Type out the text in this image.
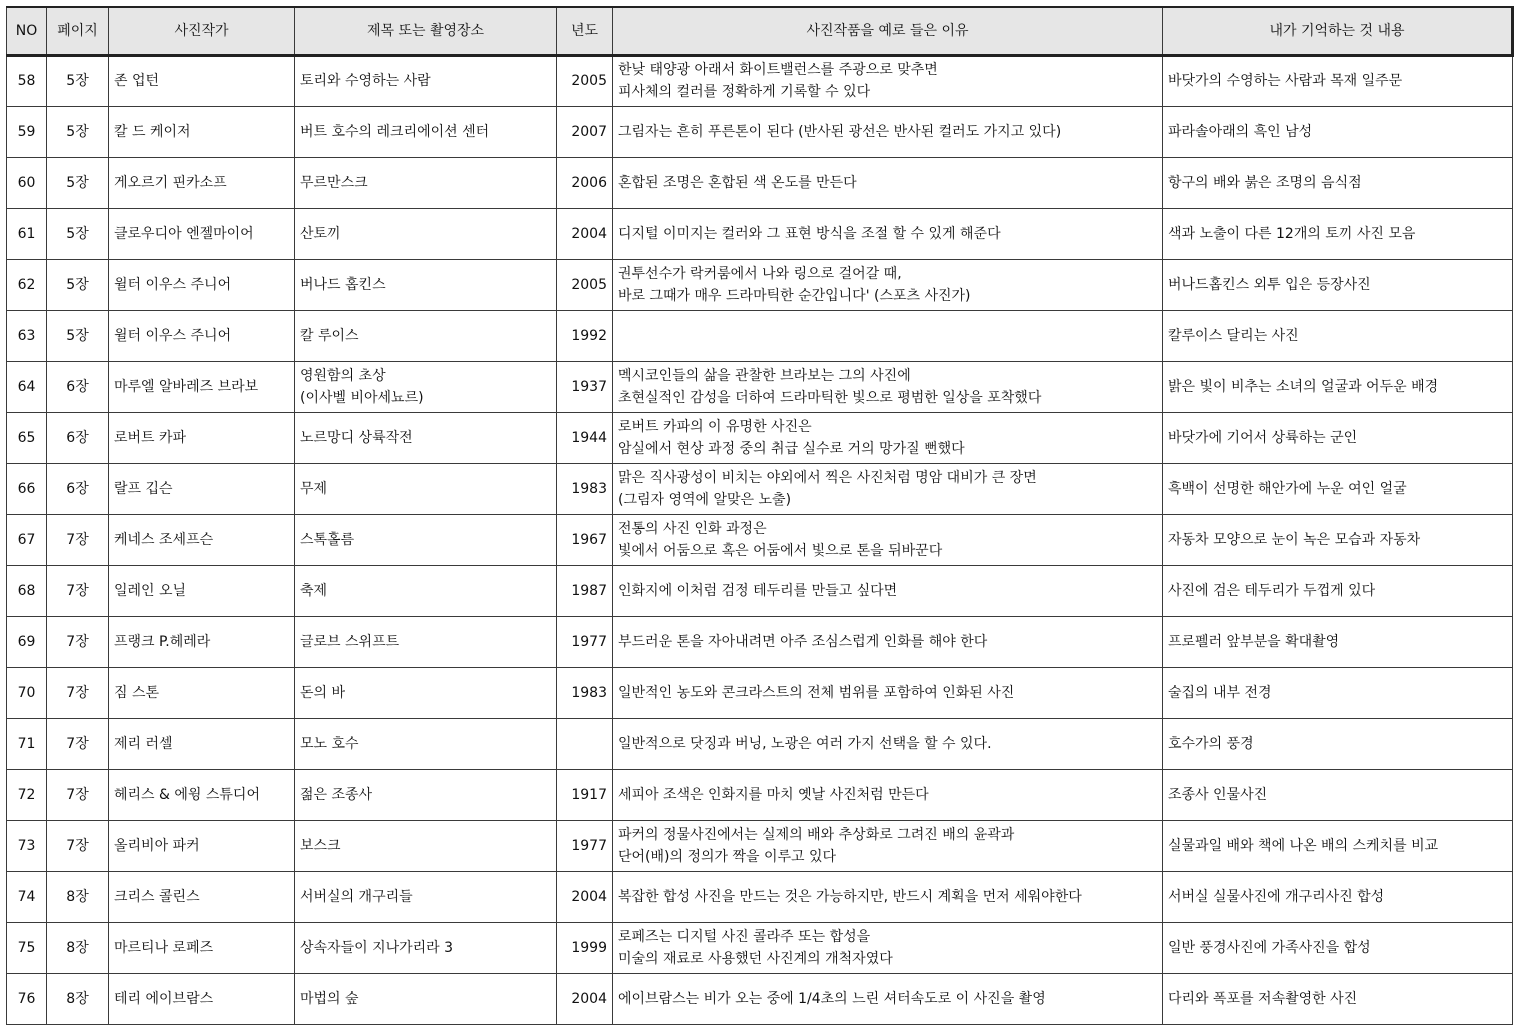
NO	페이지	사진작가	제목 또는 촬영장소	년도	사진작품을 예로 들은 이유	내가 기억하는 것 내용
58	5장	존 업턴	토리와 수영하는 사람	2005	한낮 태양광 아래서 화이트밸런스를 주광으로 맞추면
피사체의 컬러를 정확하게 기록할 수 있다	바닷가의 수영하는 사람과 목재 일주문
59	5장	칼 드 케이저	버트 호수의 레크리에이션 센터	2007	그림자는 흔히 푸른톤이 된다 (반사된 광선은 반사된 컬러도 가지고 있다)	파라솔아래의 흑인 남성
60	5장	게오르기 핀카소프	무르만스크	2006	혼합된 조명은 혼합된 색 온도를 만든다	항구의 배와 붉은 조명의 음식점
61	5장	클로우디아 엔젤마이어	산토끼	2004	디지털 이미지는 컬러와 그 표현 방식을 조절 할 수 있게 해준다	색과 노출이 다른 12개의 토끼 사진 모음
62	5장	윌터 이우스 주니어	버나드 홉킨스	2005	권투선수가 락커룸에서 나와 링으로 걸어갈 때,
바로 그때가 매우 드라마틱한 순간입니다' (스포츠 사진가)	버나드홉킨스 외투 입은 등장사진
63	5장	윌터 이우스 주니어	칼 루이스	1992		칼루이스 달리는 사진
64	6장	마루엘 알바레즈 브라보	영원함의 초상
(이사벨 비아세뇨르)	1937	멕시코인들의 삶을 관찰한 브라보는 그의 사진에
초현실적인 감성을 더하여 드라마틱한 빛으로 평범한 일상을 포착했다	밝은 빛이 비추는 소녀의 얼굴과 어두운 배경
65	6장	로버트 카파	노르망디 상륙작전	1944	로버트 카파의 이 유명한 사진은
암실에서 현상 과정 중의 취급 실수로 거의 망가질 뻔했다	바닷가에 기어서 상륙하는 군인
66	6장	랄프 깁슨	무제	1983	맑은 직사광성이 비치는 야외에서 찍은 사진처럼 명암 대비가 큰 장면
(그림자 영역에 알맞은 노출)	흑백이 선명한 해안가에 누운 여인 얼굴
67	7장	케네스 조세프슨	스톡홀름	1967	전통의 사진 인화 과정은
빛에서 어둠으로 혹은 어둠에서 빛으로 톤을 뒤바꾼다	자동차 모양으로 눈이 녹은 모습과 자동차
68	7장	일레인 오닐	축제	1987	인화지에 이처럼 검정 테두리를 만들고 싶다면	사진에 검은 테두리가 두껍게 있다
69	7장	프랭크 P.헤레라	글로브 스위프트	1977	부드러운 톤을 자아내려면 아주 조심스럽게 인화를 해야 한다	프로펠러 앞부분을 확대촬영
70	7장	짐 스톤	돈의 바	1983	일반적인 농도와 콘크라스트의 전체 범위를 포함하여 인화된 사진	술집의 내부 전경
71	7장	제리 러셀	모노 호수		일반적으로 닷징과 버닝, 노광은 여러 가지 선택을 할 수 있다.	호수가의 풍경
72	7장	헤리스 & 에윙 스튜디어	젊은 조종사	1917	세피아 조색은 인화지를 마치 옛날 사진처럼 만든다	조종사 인물사진
73	7장	올리비아 파커	보스크	1977	파커의 정물사진에서는 실제의 배와 추상화로 그려진 배의 윤곽과
단어(배)의 정의가 짝을 이루고 있다	실물과일 배와 책에 나온 배의 스케치를 비교
74	8장	크리스 콜린스	서버실의 개구리들	2004	복잡한 합성 사진을 만드는 것은 가능하지만, 반드시 계획을 먼저 세워야한다	서버실 실물사진에 개구리사진 합성
75	8장	마르티나 로페즈	상속자들이 지나가리라 3	1999	로페즈는 디지털 사진 콜라주 또는 합성을
미술의 재료로 사용했던 사진계의 개척자였다	일반 풍경사진에 가족사진을 합성
76	8장	테리 에이브람스	마법의 숲	2004	에이브람스는 비가 오는 중에 1/4초의 느린 셔터속도로 이 사진을 촬영	다리와 폭포를 저속촬영한 사진
